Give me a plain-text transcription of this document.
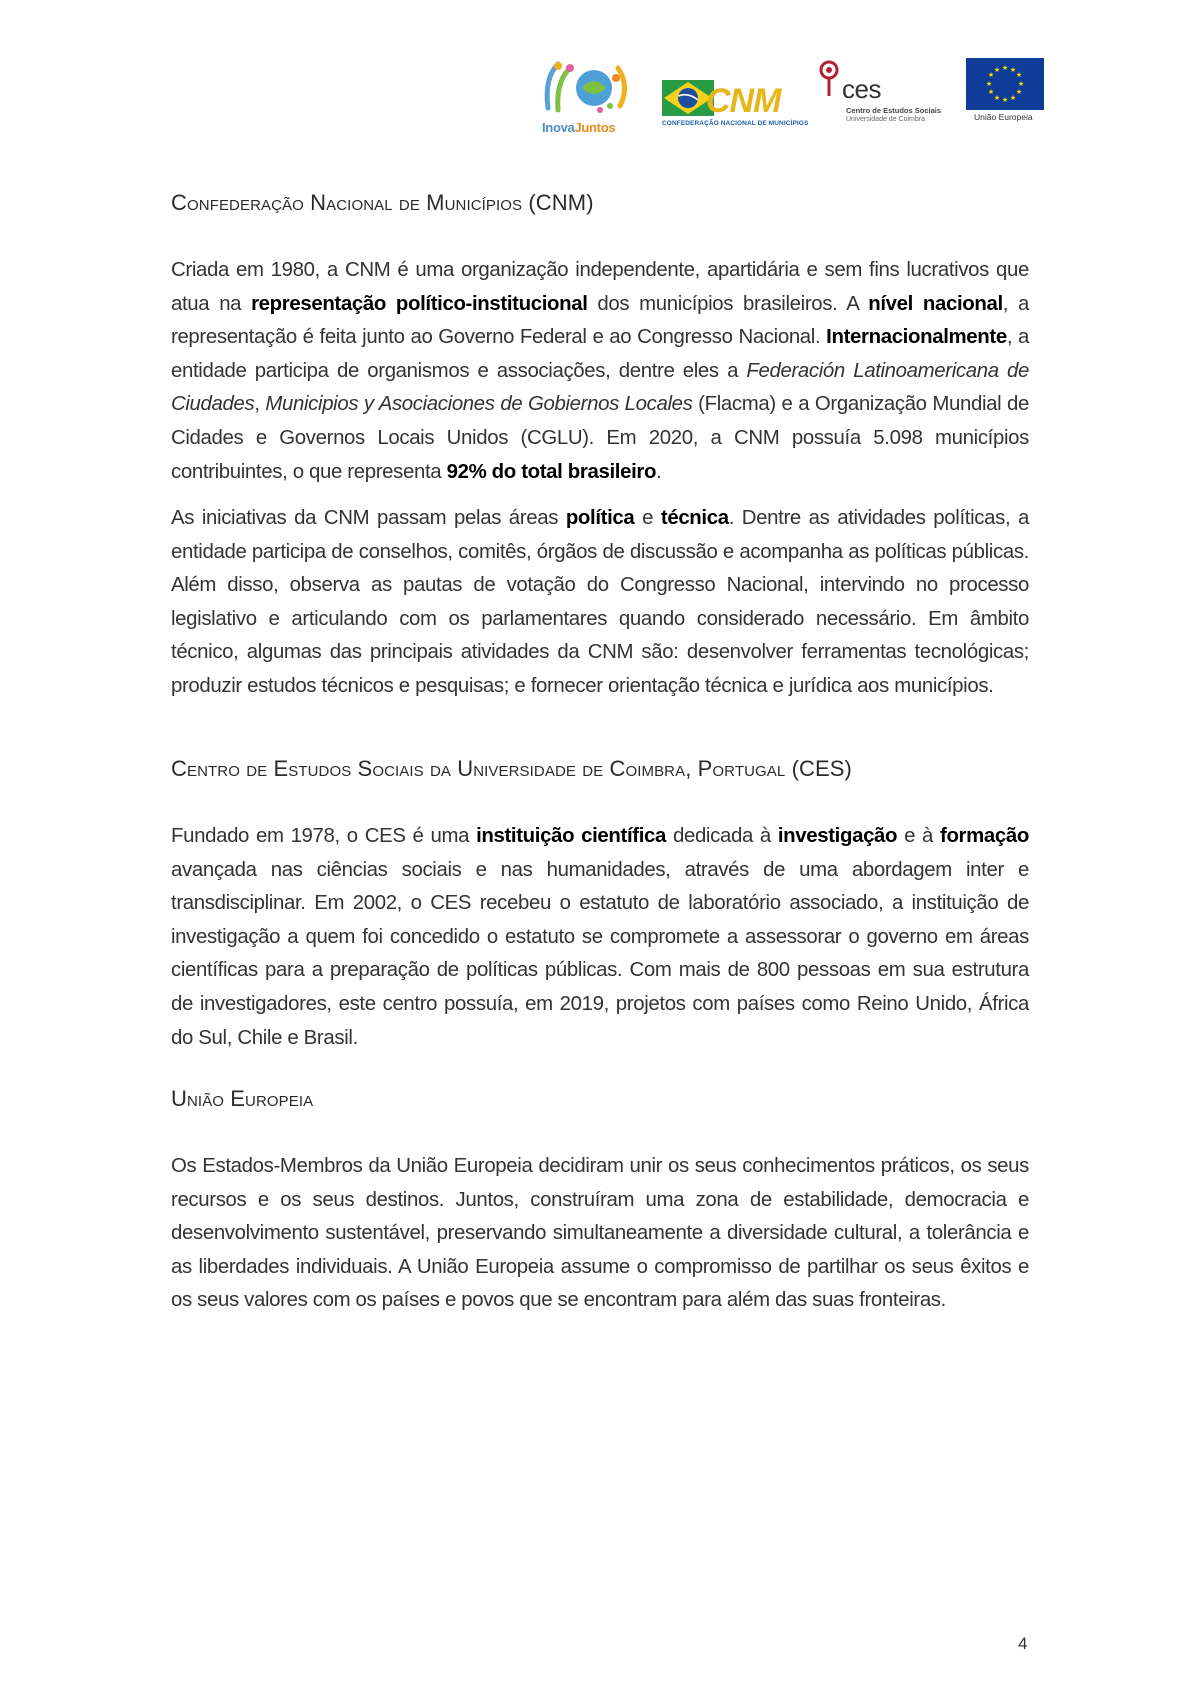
InovaJuntos
CNM
CONFEDERAÇÃO NACIONAL DE MUNICÍPIOS
ces
Centro de Estudos Sociais
Universidade de Coimbra
★ ★
★
★
★
★
★
★
★
★
★
★
União Europeia
Confederação Nacional de Municípios (CNM)

Criada em 1980, a CNM é uma organização independente, apartidária e sem fins lucrativos que atua na representação político-institucional dos municípios brasileiros. A nível nacional, a representação é feita junto ao Governo Federal e ao Congresso Nacional. Internacionalmente, a entidade participa de organismos e associações, dentre eles a Federación Latinoamericana de Ciudades, Municipios y Asociaciones de Gobiernos Locales (Flacma) e a Organização Mundial de Cidades e Governos Locais Unidos (CGLU). Em 2020, a CNM possuía 5.098 municípios contribuintes, o que representa 92% do total brasileiro.

As iniciativas da CNM passam pelas áreas política e técnica. Dentre as atividades políticas, a entidade participa de conselhos, comitês, órgãos de discussão e acompanha as políticas públicas. Além disso, observa as pautas de votação do Congresso Nacional, intervindo no processo legislativo e articulando com os parlamentares quando considerado necessário. Em âmbito técnico, algumas das principais atividades da CNM são: desenvolver ferramentas tecnológicas; produzir estudos técnicos e pesquisas; e fornecer orientação técnica e jurídica aos municípios.

Centro de Estudos Sociais da Universidade de Coimbra, Portugal (CES)

Fundado em 1978, o CES é uma instituição científica dedicada à investigação e à formação avançada nas ciências sociais e nas humanidades, através de uma abordagem inter e transdisciplinar. Em 2002, o CES recebeu o estatuto de laboratório associado, a instituição de investigação a quem foi concedido o estatuto se compromete a assessorar o governo em áreas científicas para a preparação de políticas públicas. Com mais de 800 pessoas em sua estrutura de investigadores, este centro possuía, em 2019, projetos com países como Reino Unido, África do Sul, Chile e Brasil.

União Europeia

Os Estados-Membros da União Europeia decidiram unir os seus conhecimentos práticos, os seus recursos e os seus destinos. Juntos, construíram uma zona de estabilidade, democracia e desenvolvimento sustentável, preservando simultaneamente a diversidade cultural, a tolerância e as liberdades individuais. A União Europeia assume o compromisso de partilhar os seus êxitos e os seus valores com os países e povos que se encontram para além das suas fronteiras.

4
